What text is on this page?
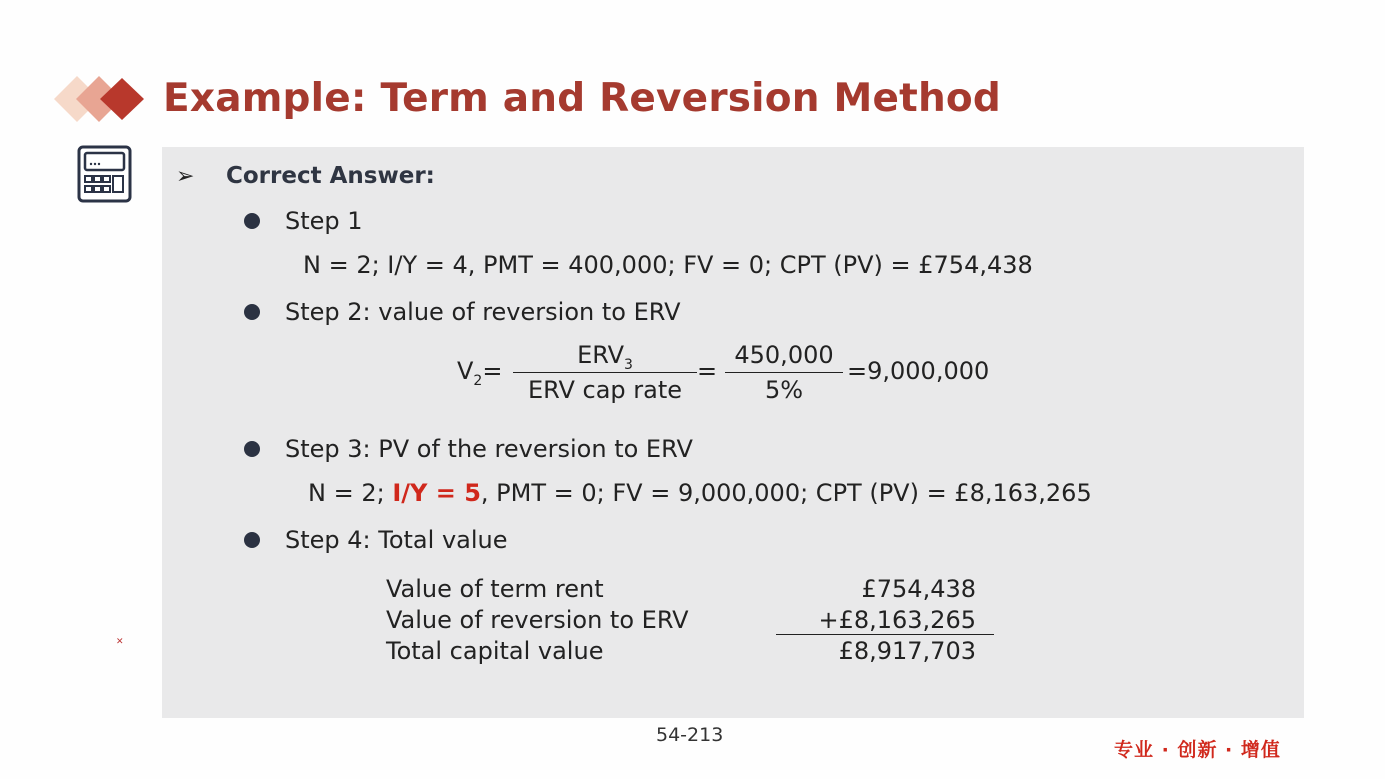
Example: Term and Reversion Method
➢	Correct Answer:
Step 1
N = 2; I/Y = 4, PMT = 400,000; FV = 0; CPT (PV) = £754,438
Step 2: value of reversion to ERV
$V_2=$
$ERV_3$
ERV cap rate
=
450,000
5%
=9,000,000
Step 3: PV of the reversion to ERV
N = 2; I/Y = 5, PMT = 0; FV = 9,000,000; CPT (PV) = £8,163,265
Step 4: Total value
Value of term rent	£754,438
Value of reversion to ERV	+£8,163,265
Total capital value	£8,917,703
✕
54-213
专业 · 创新 · 增值
